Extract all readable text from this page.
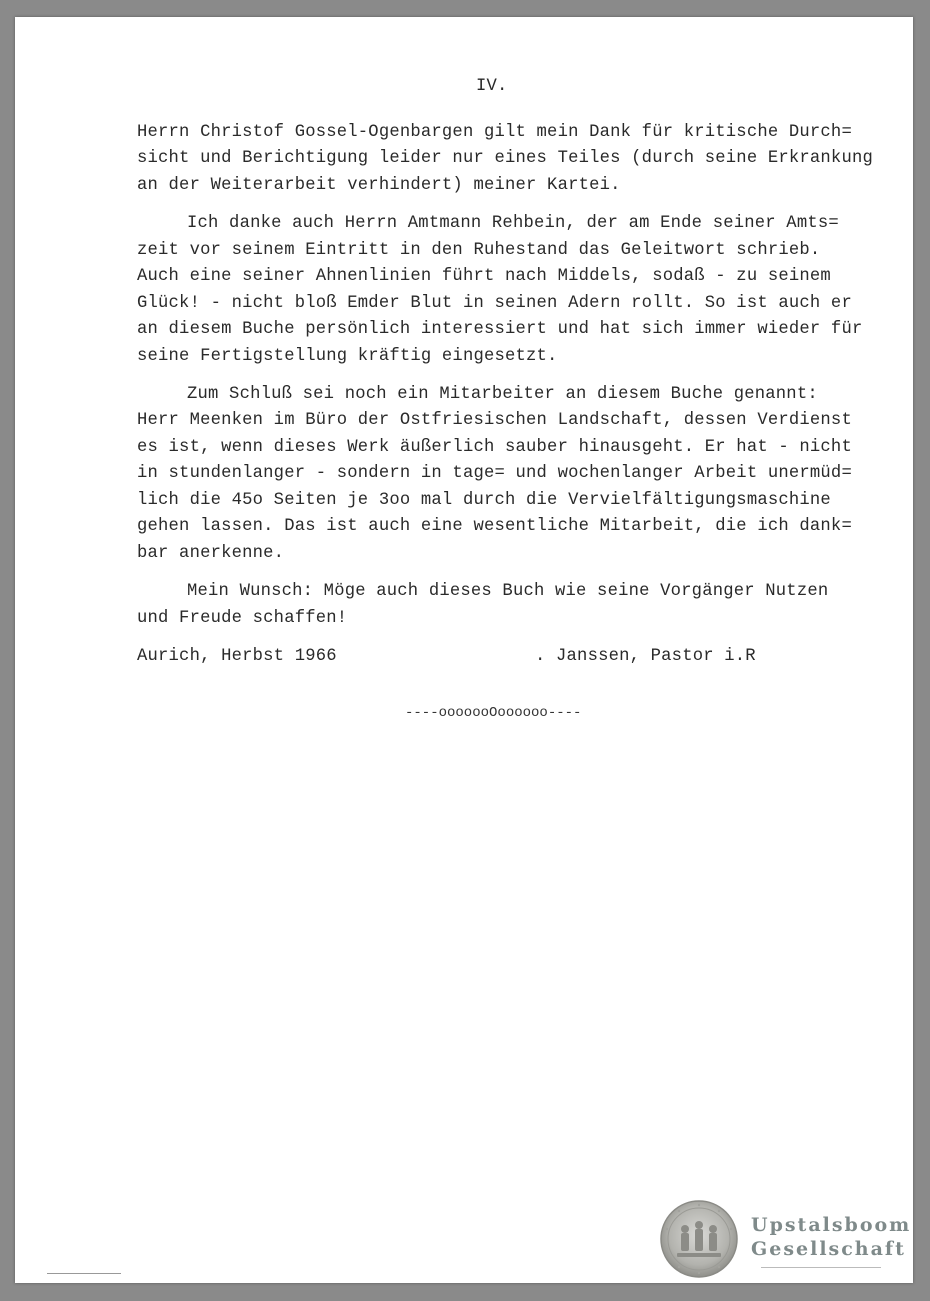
IV.
Herrn Christof Gossel-Ogenbargen gilt mein Dank für kritische Durch=
sicht und Berichtigung leider nur eines Teiles (durch seine Erkrankung
an der Weiterarbeit verhindert) meiner Kartei.
Ich danke auch Herrn Amtmann Rehbein, der am Ende seiner Amts=
zeit vor seinem Eintritt in den Ruhestand das Geleitwort schrieb.
Auch eine seiner Ahnenlinien führt nach Middels, sodaß - zu seinem
Glück! - nicht bloß Emder Blut in seinen Adern rollt. So ist auch er
an diesem Buche persönlich interessiert und hat sich immer wieder für
seine Fertigstellung kräftig eingesetzt.
Zum Schluß sei noch ein Mitarbeiter an diesem Buche genannt:
Herr Meenken im Büro der Ostfriesischen Landschaft, dessen Verdienst
es ist, wenn dieses Werk äußerlich sauber hinausgeht. Er hat - nicht
in stundenlanger - sondern in tage= und wochenlanger Arbeit unermüd=
lich die 45o Seiten je 3oo mal durch die Vervielfältigungsmaschine
gehen lassen. Das ist auch eine wesentliche Mitarbeit, die ich dank=
bar anerkenne.
Mein Wunsch: Möge auch dieses Buch wie seine Vorgänger Nutzen
und Freude schaffen!
Aurich, Herbst 1966	. Janssen, Pastor i.R
----ooooooOoooooo----
Upstalsboom
Gesellschaft
